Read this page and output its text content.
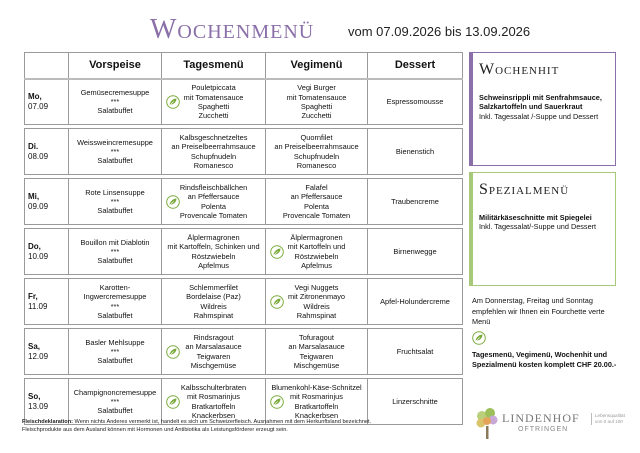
Wochenmenü	vom 07.09.2026 bis 13.09.2026
	Vorspeise	Tagesmenü	Vegimenü	Dessert

Mo,
07.09	Gemüsecremesuppe
***
Salatbuffet	Pouletpiccata
mit Tomatensauce
Spaghetti
Zucchetti	Vegi Burger
mit Tomatensauce
Spaghetti
Zucchetti	Espressomousse

Di.
08.09	Weissweincremesuppe
***
Salatbuffet	Kalbsgeschnetzeltes
an Preiselbeerrahmsauce
Schupfnudeln
Romanesco	Quornfilet
an Preiselbeerrahmsauce
Schupfnudeln
Romanesco	Bienenstich

Mi,
09.09	Rote Linsensuppe
***
Salatbuffet	Rindsfleischbällchen
an Pfeffersauce
Polenta
Provencale Tomaten	Falafel
an Pfeffersauce
Polenta
Provencale Tomaten	Traubencreme

Do,
10.09	Bouillon mit Diablotin
***
Salatbuffet	Älplermagronen
mit Kartoffeln, Schinken und
Röstzwiebeln
Apfelmus	Älplermagronen
mit Kartoffeln und
Röstzwiebeln
Apfelmus	Birnenwegge

Fr,
11.09	Karotten-Ingwercremesuppe
***
Salatbuffet	Schlemmerfilet
Bordelaise (Paz)
Wildreis
Rahmspinat	Vegi Nuggets
mit Zitronenmayo
Wildreis
Rahmspinat	Apfel-Holundercreme

Sa,
12.09	Basler Mehlsuppe
***
Salatbuffet	Rindsragout
an Marsalasauce
Teigwaren
Mischgemüse	Tofuragout
an Marsalasauce
Teigwaren
Mischgemüse	Fruchtsalat

So,
13.09	Champignoncremesuppe
***
Salatbuffet	Kalbsschulterbraten
mit Rosmarinjus
Bratkartoffeln
Knackerbsen	Blumenkohl-Käse-Schnitzel
mit Rosmarinjus
Bratkartoffeln
Knackerbsen	Linzerschnitte
Wochenhit
Schweinsrippli mit Senfrahmsauce, Salzkartoffeln und Sauerkraut
Inkl. Tagessalat /-Suppe und Dessert
Spezialmenü
Militärkäseschnitte mit Spiegelei
Inkl. Tagessalat/-Suppe und Dessert
Am Donnerstag, Freitag und Sonntag empfehlen wir Ihnen ein Fourchette verte Menü
Tagesmenü, Vegimenü, Wochenhit und Spezialmenü kosten komplett CHF 20.00.-
Fleischdeklaration: Wenn nichts Anderes vermerkt ist, handelt es sich um Schweizerfleisch. Ausnahmen mit dem Herkunftsland bezeichnet.
Fleischprodukte aus dem Ausland können mit Hormonen und Antibiotika als Leistungsförderer erzeugt sein.
LINDENHOF
OFTRINGEN
Lebensqualität von 0 auf 100
